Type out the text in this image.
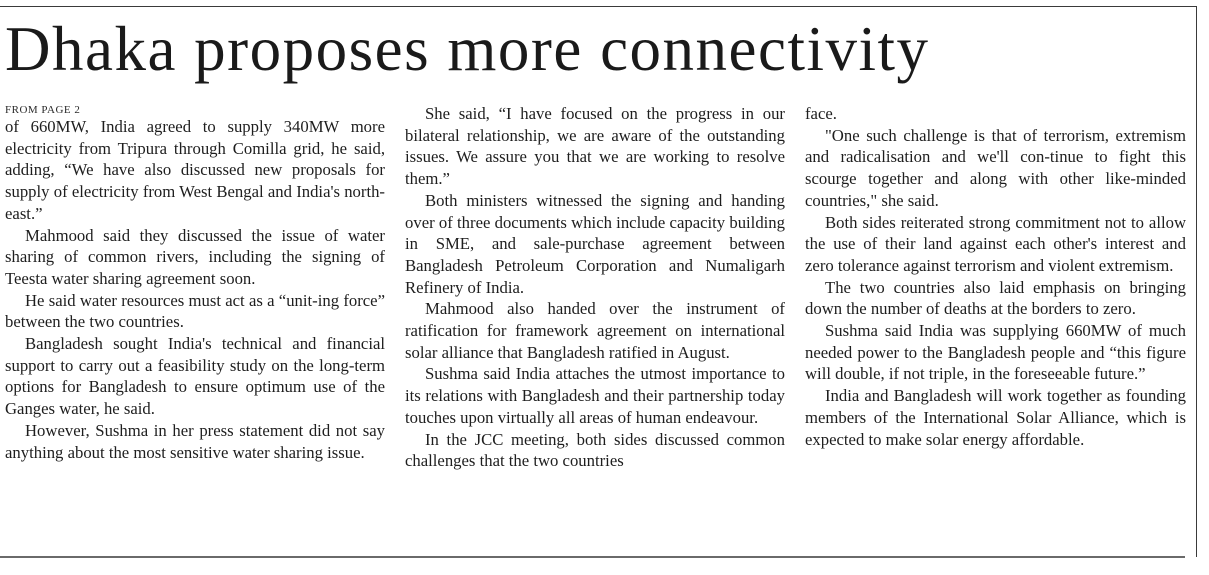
Dhaka proposes more connectivity
FROM PAGE 2

of 660MW, India agreed to supply 340MW more electricity from Tripura through Comilla grid, he said, adding, “We have also discussed new proposals for supply of electricity from West Bengal and India's north-east.”

Mahmood said they discussed the issue of water sharing of common rivers, including the signing of Teesta water sharing agreement soon.

He said water resources must act as a “unit-ing force” between the two countries.

Bangladesh sought India's technical and financial support to carry out a feasibility study on the long-term options for Bangladesh to ensure optimum use of the Ganges water, he said.

However, Sushma in her press statement did not say anything about the most sensitive water sharing issue.

She said, “I have focused on the progress in our bilateral relationship, we are aware of the outstanding issues. We assure you that we are working to resolve them.”

Both ministers witnessed the signing and handing over of three documents which include capacity building in SME, and sale-purchase agreement between Bangladesh Petroleum Corporation and Numaligarh Refinery of India.

Mahmood also handed over the instrument of ratification for framework agreement on international solar alliance that Bangladesh ratified in August.

Sushma said India attaches the utmost importance to its relations with Bangladesh and their partnership today touches upon virtually all areas of human endeavour.

In the JCC meeting, both sides discussed common challenges that the two countries

face.

"One such challenge is that of terrorism, extremism and radicalisation and we'll con-tinue to fight this scourge together and along with other like-minded countries," she said.

Both sides reiterated strong commitment not to allow the use of their land against each other's interest and zero tolerance against terrorism and violent extremism.

The two countries also laid emphasis on bringing down the number of deaths at the borders to zero.

Sushma said India was supplying 660MW of much needed power to the Bangladesh people and “this figure will double, if not triple, in the foreseeable future.”

India and Bangladesh will work together as founding members of the International Solar Alliance, which is expected to make solar energy affordable.
